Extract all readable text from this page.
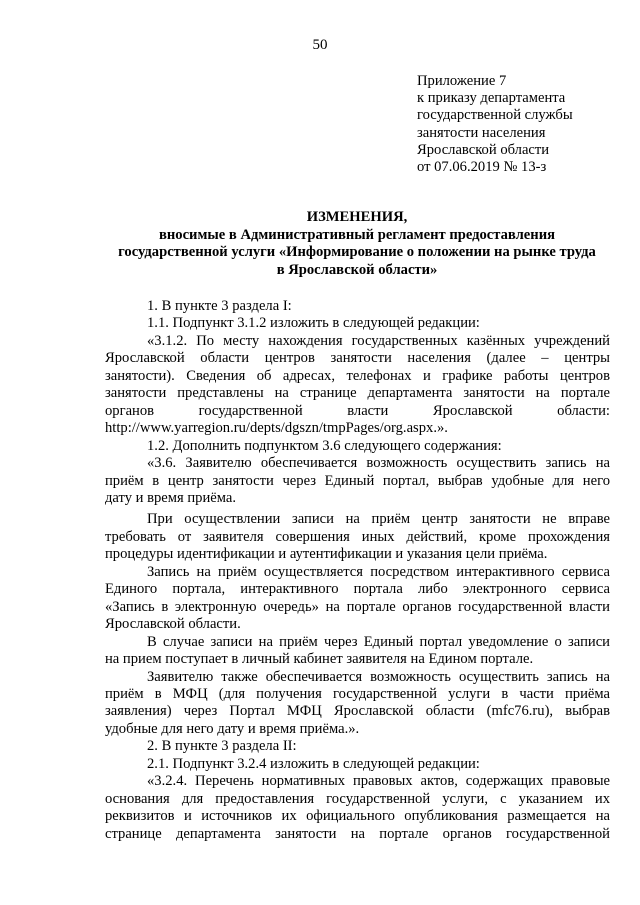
50
Приложение 7
к приказу департамента
государственной службы
занятости населения
Ярославской области
от 07.06.2019 № 13-з
ИЗМЕНЕНИЯ,
вносимые в Административный регламент предоставления
государственной услуги «Информирование о положении на рынке труда
в Ярославской области»
1. В пункте 3 раздела I:
1.1. Подпункт 3.1.2 изложить в следующей редакции:
«3.1.2. По месту нахождения государственных казённых учреждений
Ярославской области центров занятости населения (далее – центры
занятости). Сведения об адресах, телефонах и графике работы центров
занятости представлены на странице департамента занятости на портале
органов государственной власти Ярославской области:
http://www.yarregion.ru/depts/dgszn/tmpPages/org.aspx.».
1.2. Дополнить подпунктом 3.6 следующего содержания:
«3.6. Заявителю обеспечивается возможность осуществить запись на
приём в центр занятости через Единый портал, выбрав удобные для него
дату и время приёма.
При осуществлении записи на приём центр занятости не вправе
требовать от заявителя совершения иных действий, кроме прохождения
процедуры идентификации и аутентификации и указания цели приёма.
Запись на приём осуществляется посредством интерактивного сервиса
Единого портала, интерактивного портала либо электронного сервиса
«Запись в электронную очередь» на портале органов государственной власти
Ярославской области.
В случае записи на приём через Единый портал уведомление о записи
на прием поступает в личный кабинет заявителя на Едином портале.
Заявителю также обеспечивается возможность осуществить запись на
приём в МФЦ (для получения государственной услуги в части приёма
заявления) через Портал МФЦ Ярославской области (mfc76.ru), выбрав
удобные для него дату и время приёма.».
2. В пункте 3 раздела II:
2.1. Подпункт 3.2.4 изложить в следующей редакции:
«3.2.4. Перечень нормативных правовых актов, содержащих правовые
основания для предоставления государственной услуги, с указанием их
реквизитов и источников их официального опубликования размещается на
странице департамента занятости на портале органов государственной
